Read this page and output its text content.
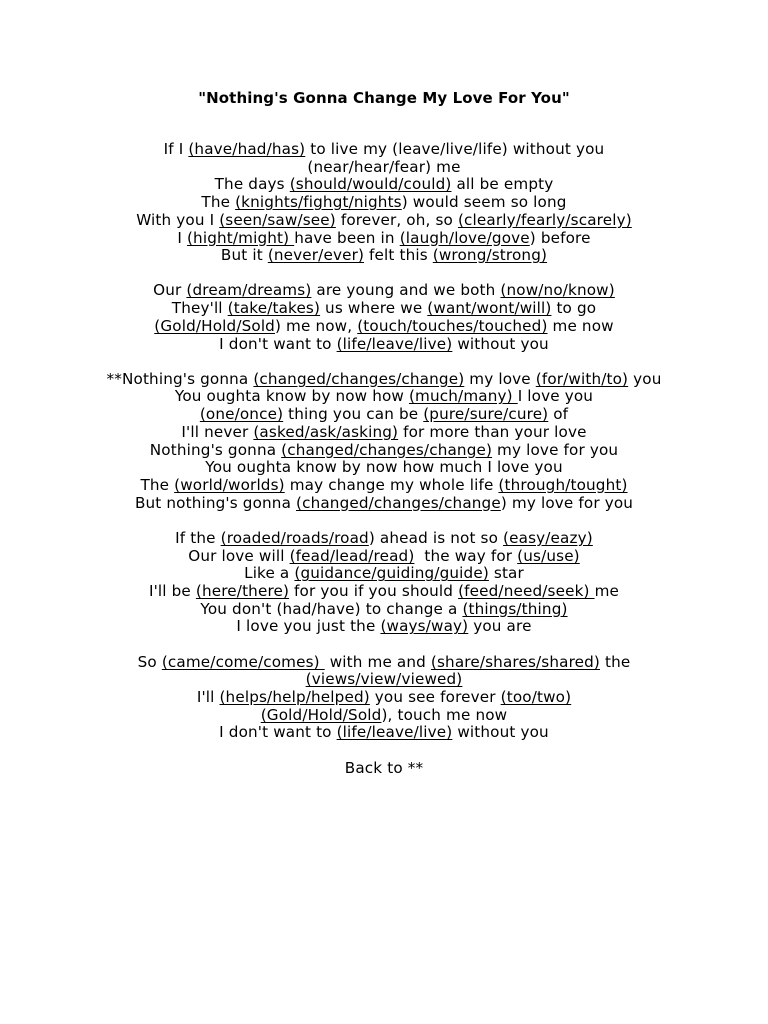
"Nothing's Gonna Change My Love For You"
If I (have/had/has) to live my (leave/live/life) without you
(near/hear/fear) me
The days (should/would/could) all be empty
The (knights/fighgt/nights) would seem so long
With you I (seen/saw/see) forever, oh, so (clearly/fearly/scarely)
I (hight/might) have been in (laugh/love/gove) before
But it (never/ever) felt this (wrong/strong)
Our (dream/dreams) are young and we both (now/no/know)
They'll (take/takes) us where we (want/wont/will) to go
(Gold/Hold/Sold) me now, (touch/touches/touched) me now
I don't want to (life/leave/live) without you
**Nothing's gonna (changed/changes/change) my love (for/with/to) you
You oughta know by now how (much/many) I love you
(one/once) thing you can be (pure/sure/cure) of
I'll never (asked/ask/asking) for more than your love
Nothing's gonna (changed/changes/change) my love for you
You oughta know by now how much I love you
The (world/worlds) may change my whole life (through/tought)
But nothing's gonna (changed/changes/change) my love for you
If the (roaded/roads/road) ahead is not so (easy/eazy)
Our love will (fead/lead/read)  the way for (us/use)
Like a (guidance/guiding/guide) star
I'll be (here/there) for you if you should (feed/need/seek) me
You don't (had/have) to change a (things/thing)
I love you just the (ways/way) you are
So (came/come/comes)  with me and (share/shares/shared) the
(views/view/viewed)
I'll (helps/help/helped) you see forever (too/two)
(Gold/Hold/Sold), touch me now
I don't want to (life/leave/live) without you
Back to **
